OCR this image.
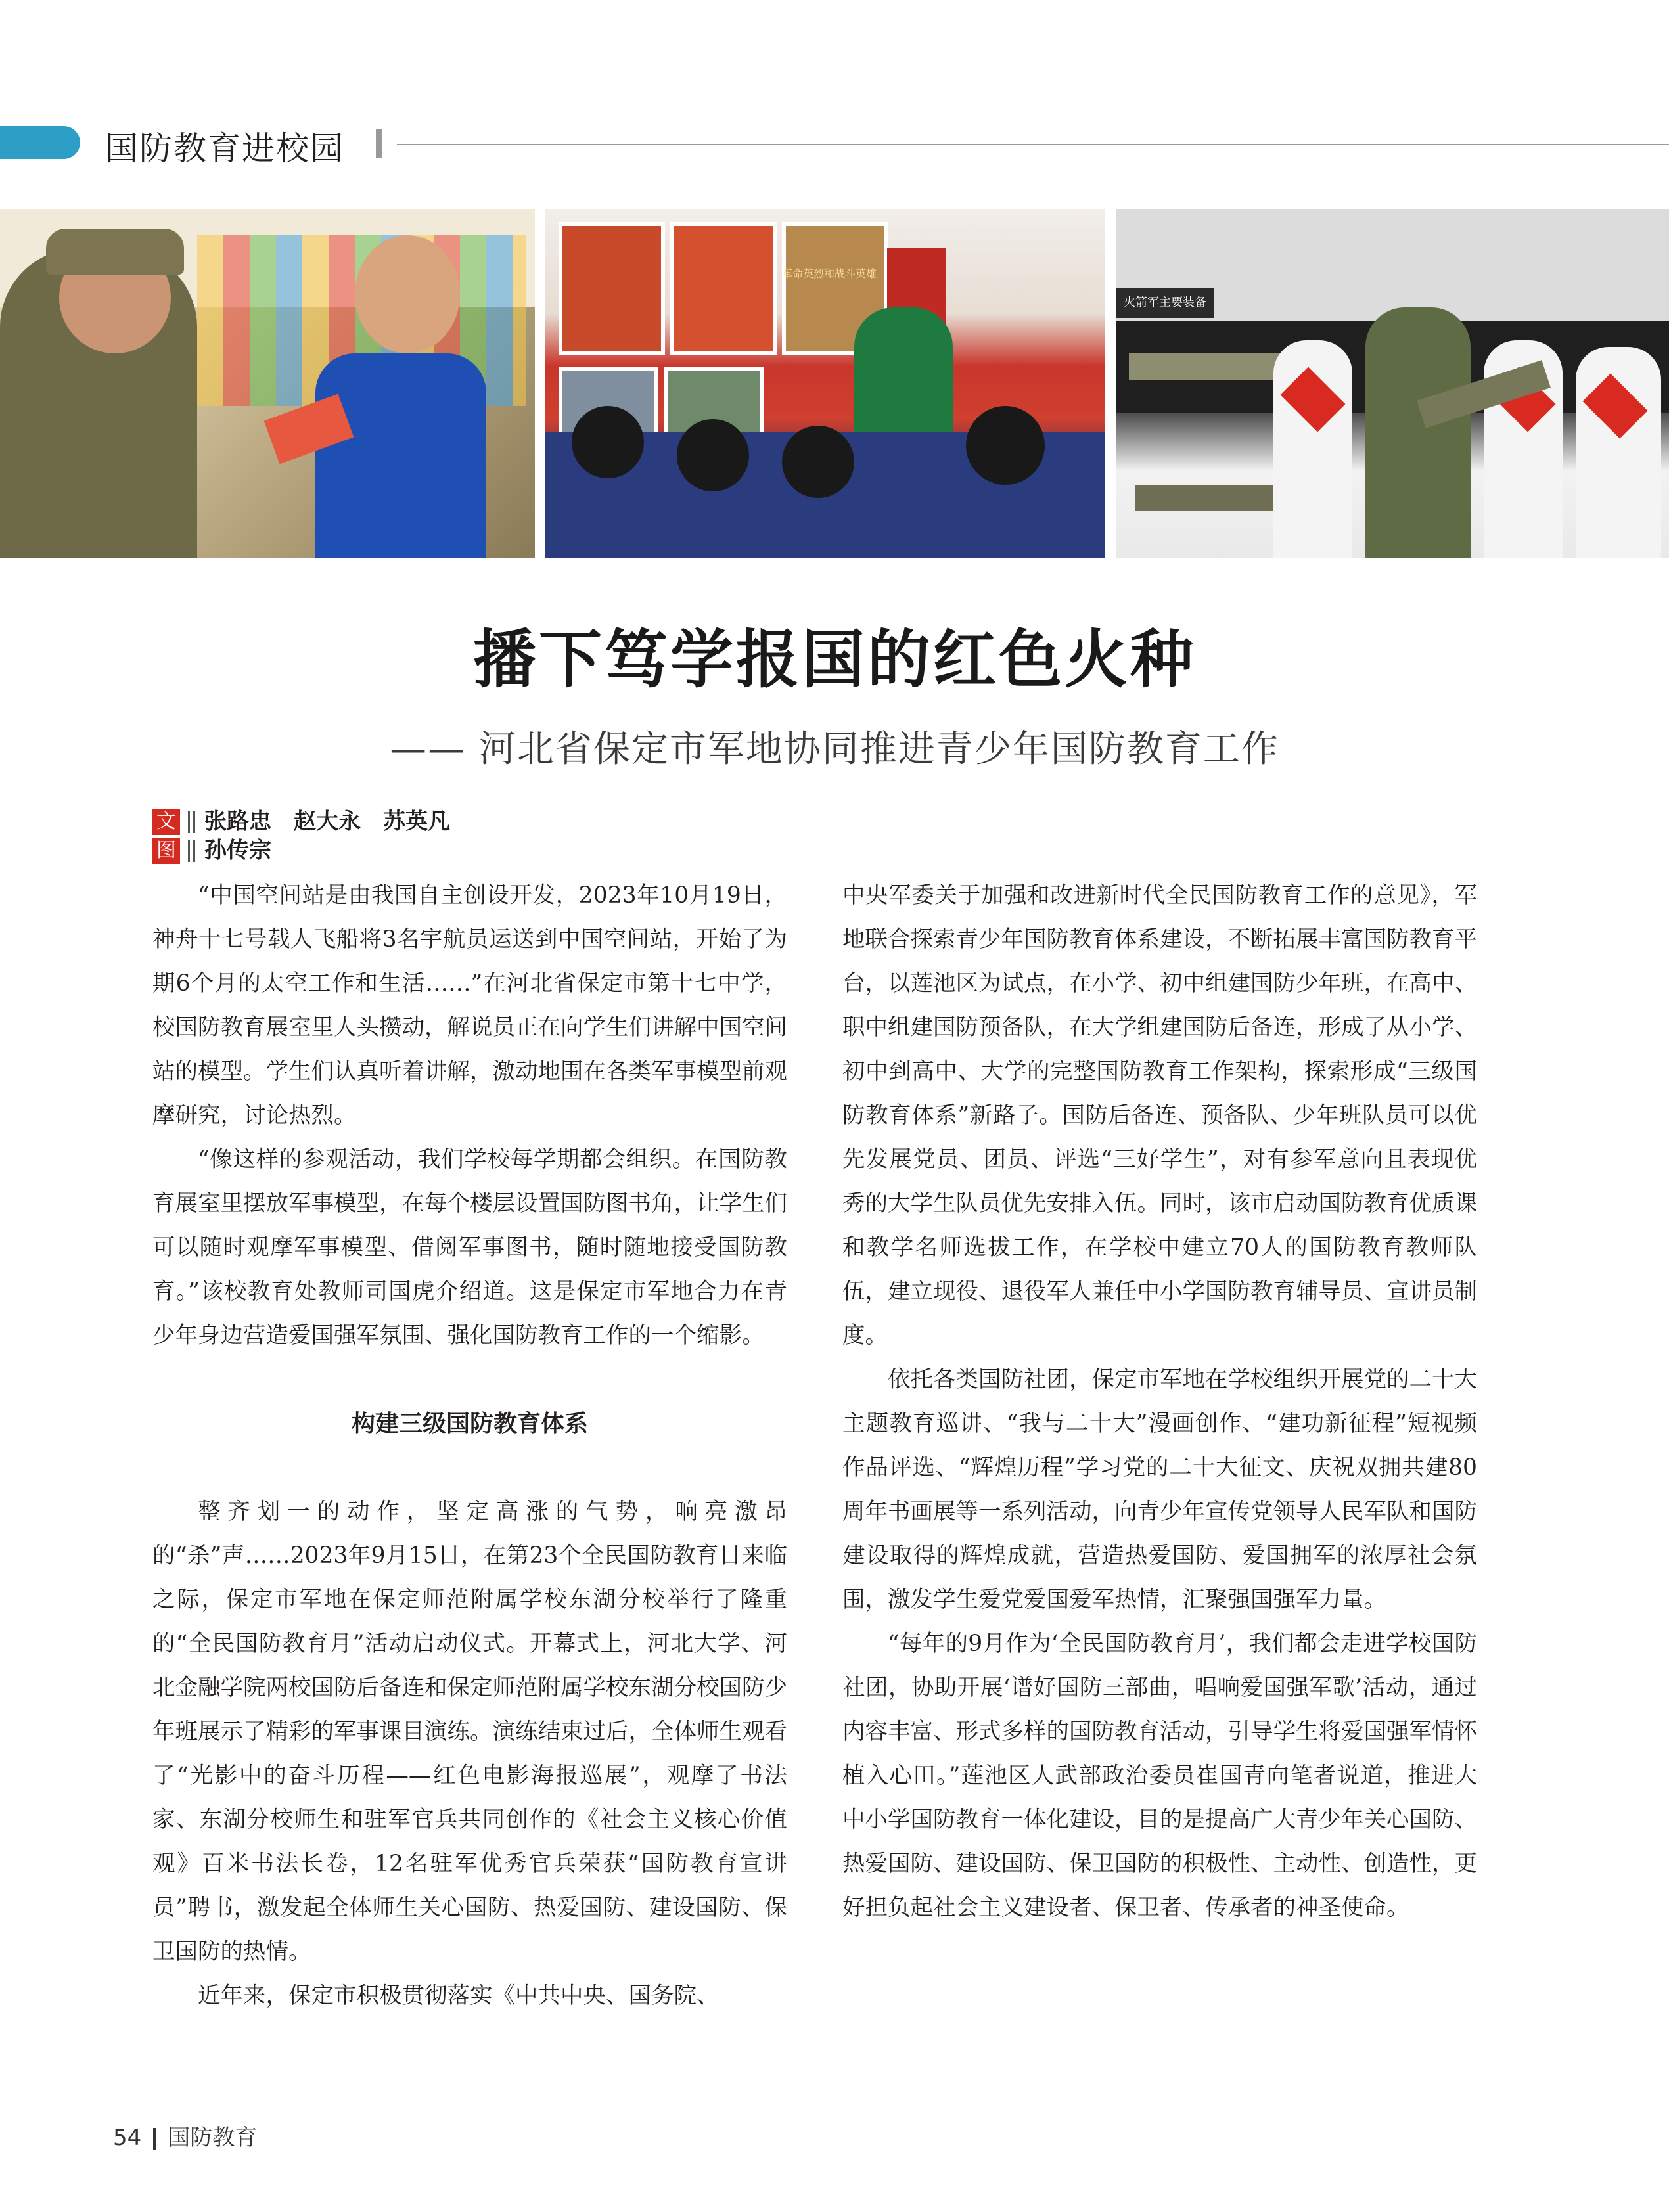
国防教育进校园
革命英烈和战斗英雄
火箭军主要装备
播下笃学报国的红色火种
—— 河北省保定市军地协同推进青少年国防教育工作
文 张路忠　赵大永　苏英凡
图 孙传宗

“中国空间站是由我国自主创设开发，2023年10月19日，神舟十七号载人飞船将3名宇航员运送到中国空间站，开始了为期6个月的太空工作和生活……”在河北省保定市第十七中学，校国防教育展室里人头攒动，解说员正在向学生们讲解中国空间站的模型。学生们认真听着讲解，激动地围在各类军事模型前观摩研究，讨论热烈。

“像这样的参观活动，我们学校每学期都会组织。在国防教育展室里摆放军事模型，在每个楼层设置国防图书角，让学生们可以随时观摩军事模型、借阅军事图书，随时随地接受国防教育。”该校教育处教师司国虎介绍道。这是保定市军地合力在青少年身边营造爱国强军氛围、强化国防教育工作的一个缩影。

构建三级国防教育体系

整齐划一的动作，坚定高涨的气势，响亮激昂的“杀”声……2023年9月15日，在第23个全民国防教育日来临之际，保定市军地在保定师范附属学校东湖分校举行了隆重的“全民国防教育月”活动启动仪式。开幕式上，河北大学、河北金融学院两校国防后备连和保定师范附属学校东湖分校国防少年班展示了精彩的军事课目演练。演练结束过后，全体师生观看了“光影中的奋斗历程——红色电影海报巡展”，观摩了书法家、东湖分校师生和驻军官兵共同创作的《社会主义核心价值观》百米书法长卷，12名驻军优秀官兵荣获“国防教育宣讲员”聘书，激发起全体师生关心国防、热爱国防、建设国防、保卫国防的热情。

近年来，保定市积极贯彻落实《中共中央、国务院、

中央军委关于加强和改进新时代全民国防教育工作的意见》，军地联合探索青少年国防教育体系建设，不断拓展丰富国防教育平台，以莲池区为试点，在小学、初中组建国防少年班，在高中、职中组建国防预备队，在大学组建国防后备连，形成了从小学、初中到高中、大学的完整国防教育工作架构，探索形成“三级国防教育体系”新路子。国防后备连、预备队、少年班队员可以优先发展党员、团员、评选“三好学生”，对有参军意向且表现优秀的大学生队员优先安排入伍。同时，该市启动国防教育优质课和教学名师选拔工作，在学校中建立70人的国防教育教师队伍，建立现役、退役军人兼任中小学国防教育辅导员、宣讲员制度。

依托各类国防社团，保定市军地在学校组织开展党的二十大主题教育巡讲、“我与二十大”漫画创作、“建功新征程”短视频作品评选、“辉煌历程”学习党的二十大征文、庆祝双拥共建80周年书画展等一系列活动，向青少年宣传党领导人民军队和国防建设取得的辉煌成就，营造热爱国防、爱国拥军的浓厚社会氛围，激发学生爱党爱国爱军热情，汇聚强国强军力量。

“每年的9月作为‘全民国防教育月’，我们都会走进学校国防社团，协助开展‘谱好国防三部曲，唱响爱国强军歌’活动，通过内容丰富、形式多样的国防教育活动，引导学生将爱国强军情怀植入心田。”莲池区人武部政治委员崔国青向笔者说道，推进大中小学国防教育一体化建设，目的是提高广大青少年关心国防、热爱国防、建设国防、保卫国防的积极性、主动性、创造性，更好担负起社会主义建设者、保卫者、传承者的神圣使命。

54 国防教育
